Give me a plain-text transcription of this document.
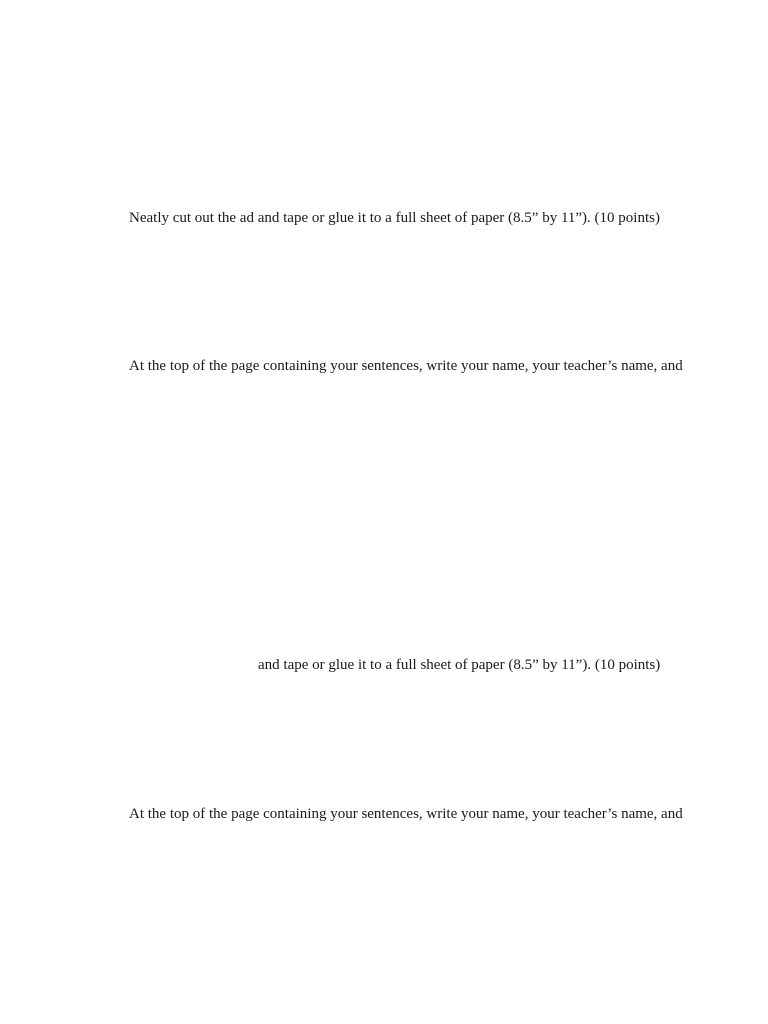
Neatly cut out the ad and tape or glue it to a full sheet of paper (8.5” by 11”). (10 points)
At the top of the page containing your sentences, write your name, your teacher’s name, and
and tape or glue it to a full sheet of paper (8.5” by 11”). (10 points)
At the top of the page containing your sentences, write your name, your teacher’s name, and
